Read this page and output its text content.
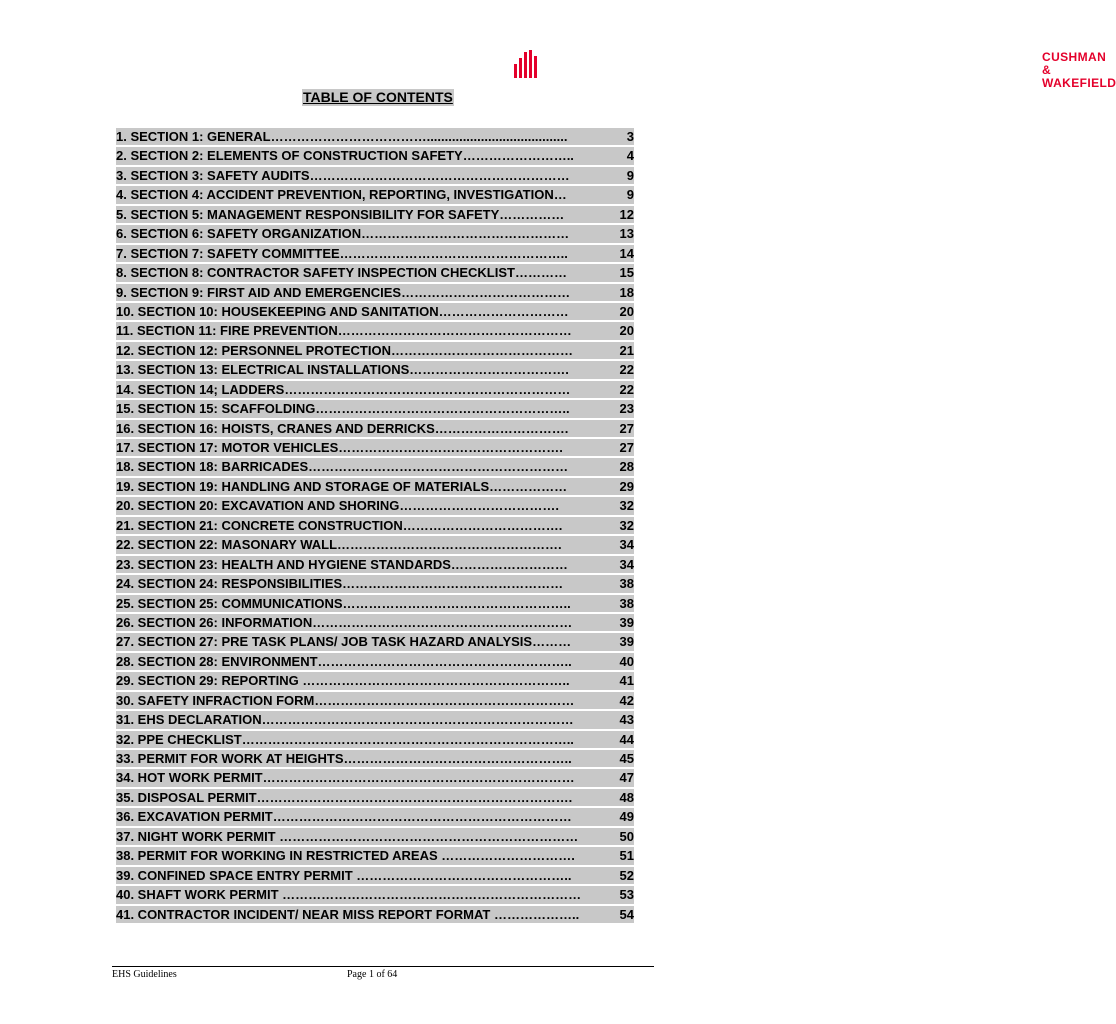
CUSHMAN &
WAKEFIELD
TABLE OF CONTENTS
1. SECTION 1: GENERAL……………………………….......................................	3
2. SECTION 2: ELEMENTS OF CONSTRUCTION SAFETY……………………..	4
3. SECTION 3: SAFETY AUDITS……………………………………………………	9
4. SECTION 4: ACCIDENT PREVENTION, REPORTING, INVESTIGATION…	9
5. SECTION 5: MANAGEMENT RESPONSIBILITY FOR SAFETY……………	12
6. SECTION 6: SAFETY ORGANIZATION…………………………………………	13
7. SECTION 7: SAFETY COMMITTEE……………………………………………..	14
8. SECTION 8: CONTRACTOR SAFETY INSPECTION CHECKLIST…………	15
9. SECTION 9: FIRST AID AND EMERGENCIES…………………………………	18
10. SECTION 10: HOUSEKEEPING AND SANITATION…………………………	20
11. SECTION 11: FIRE PREVENTION………………………………………………	20
12. SECTION 12: PERSONNEL PROTECTION……………………………………	21
13. SECTION 13: ELECTRICAL INSTALLATIONS……………………………….	22
14. SECTION 14; LADDERS…………………………………………………………	22
15. SECTION 15: SCAFFOLDING…………………………………………………..	23
16. SECTION 16: HOISTS, CRANES AND DERRICKS………………………….	27
17. SECTION 17: MOTOR VEHICLES…………………………………………….	27
18. SECTION 18: BARRICADES……………………………………………………	28
19. SECTION 19: HANDLING AND STORAGE OF MATERIALS………………	29
20. SECTION 20: EXCAVATION AND SHORING……………………………….	32
21. SECTION 21: CONCRETE CONSTRUCTION……………………………….	32
22. SECTION 22: MASONARY WALL…………………………………………….	34
23. SECTION 23: HEALTH AND HYGIENE STANDARDS………………………	34
24. SECTION 24: RESPONSIBILITIES……………………………………………	38
25. SECTION 25: COMMUNICATIONS……………………………………………..	38
26. SECTION 26: INFORMATION……………………………………………………	39
27. SECTION 27: PRE TASK PLANS/ JOB TASK HAZARD ANALYSIS………	39
28. SECTION 28: ENVIRONMENT…………………………………………………..	40
29. SECTION 29: REPORTING ……………………………………………………..	41
30. SAFETY INFRACTION FORM……………………………………………………	42
31. EHS DECLARATION………………………………………………………………	43
32. PPE CHECKLIST…………………………………………………………………..	44
33. PERMIT FOR WORK AT HEIGHTS……………………………………………..	45
34. HOT WORK PERMIT………………………………………………………………	47
35. DISPOSAL PERMIT……………………………………………………………….	48
36. EXCAVATION PERMIT……………………………………………………………	49
37. NIGHT WORK PERMIT ……………………………………………………………	50
38. PERMIT FOR WORKING IN RESTRICTED AREAS ………………………….	51
39. CONFINED SPACE ENTRY PERMIT …………………………………………..	52
40. SHAFT WORK PERMIT ……………………………………………………………	53
41. CONTRACTOR INCIDENT/ NEAR MISS REPORT FORMAT ………………..	54
EHS Guidelines	Page 1 of 64
